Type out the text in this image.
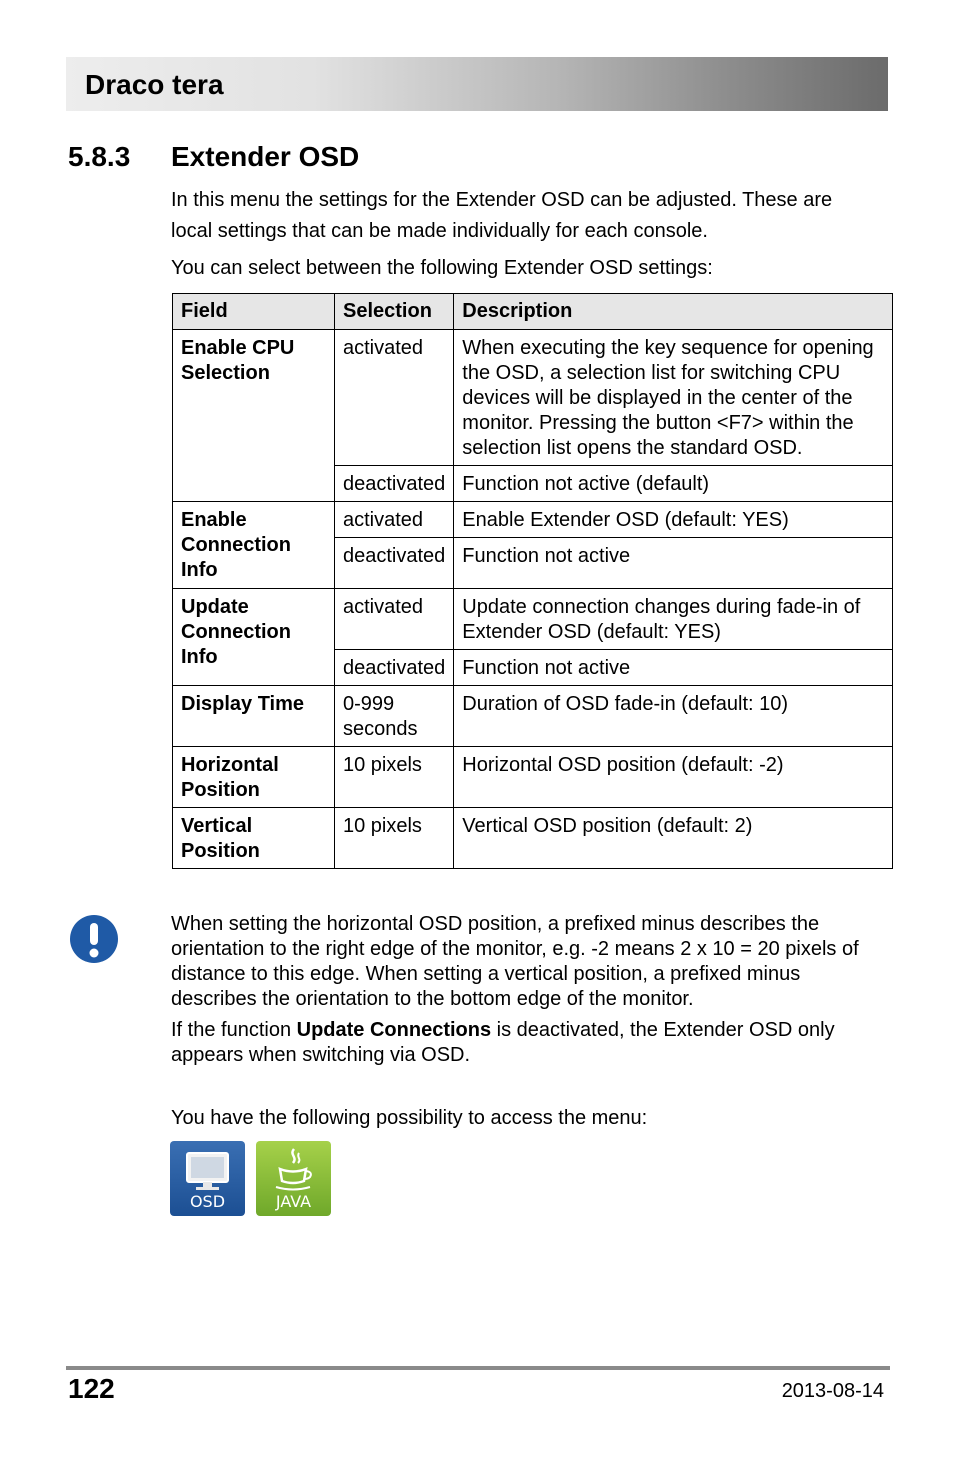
Draco tera
5.8.3 Extender OSD
In this menu the settings for the Extender OSD can be adjusted. These are local settings that can be made individually for each console.
You can select between the following Extender OSD settings:
Field	Selection	Description
Enable CPU Selection	activated	When executing the key sequence for opening the OSD, a selection list for switching CPU devices will be displayed in the center of the monitor. Pressing the button <F7> within the selection list opens the standard OSD.
	deactivated	Function not active (default)
Enable Connection Info	activated	Enable Extender OSD (default: YES)
	deactivated	Function not active
Update Connection Info	activated	Update connection changes during fade-in of Extender OSD (default: YES)
	deactivated	Function not active
Display Time	0-999 seconds	Duration of OSD fade-in (default: 10)
Horizontal Position	10 pixels	Horizontal OSD position (default: -2)
Vertical Position	10 pixels	Vertical OSD position (default: 2)

When setting the horizontal OSD position, a prefixed minus describes the orientation to the right edge of the monitor, e.g. -2 means 2 x 10 = 20 pixels of distance to this edge. When setting a vertical position, a prefixed minus describes the orientation to the bottom edge of the monitor.

If the function Update Connections is deactivated, the Extender OSD only appears when switching via OSD.

You have the following possibility to access the menu:
OSD	JAVA
122	2013-08-14
